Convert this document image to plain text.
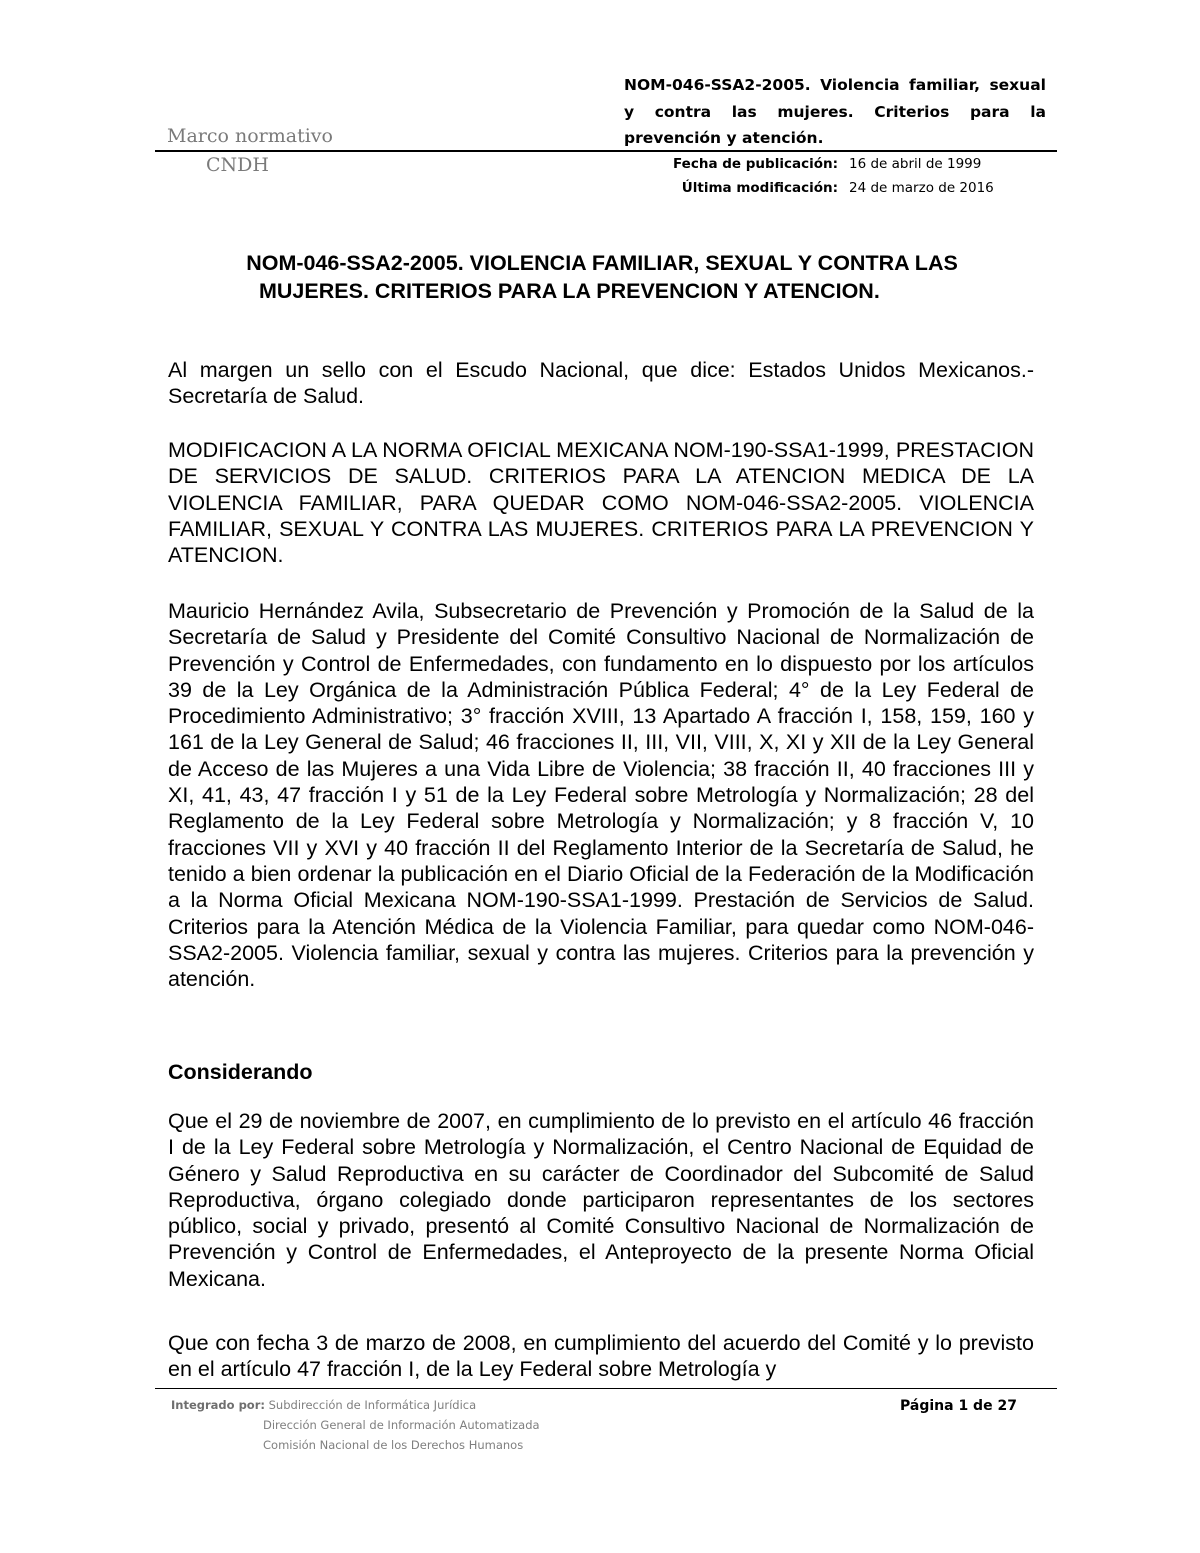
Marco normativo
CNDH
NOM-046-SSA2-2005. Violencia familiar, sexual y contra las mujeres. Criterios para la prevención y atención.
Fecha de publicación:
Última modificación:
16 de abril de 1999
24 de marzo de 2016
NOM-046-SSA2-2005. VIOLENCIA FAMILIAR, SEXUAL Y CONTRA LAS
MUJERES. CRITERIOS PARA LA PREVENCION Y ATENCION.
Al margen un sello con el Escudo Nacional, que dice: Estados Unidos Mexicanos.- Secretaría de Salud.
MODIFICACION A LA NORMA OFICIAL MEXICANA NOM-190-SSA1-1999, PRESTACION DE SERVICIOS DE SALUD. CRITERIOS PARA LA ATENCION MEDICA DE LA VIOLENCIA FAMILIAR, PARA QUEDAR COMO NOM-046-SSA2-2005. VIOLENCIA FAMILIAR, SEXUAL Y CONTRA LAS MUJERES. CRITERIOS PARA LA PREVENCION Y ATENCION.
Mauricio Hernández Avila, Subsecretario de Prevención y Promoción de la Salud de la Secretaría de Salud y Presidente del Comité Consultivo Nacional de Normalización de Prevención y Control de Enfermedades, con fundamento en lo dispuesto por los artículos 39 de la Ley Orgánica de la Administración Pública Federal; 4° de la Ley Federal de Procedimiento Administrativo; 3° fracción XVIII, 13 Apartado A fracción I, 158, 159, 160 y 161 de la Ley General de Salud; 46 fracciones II, III, VII, VIII, X, XI y XII de la Ley General de Acceso de las Mujeres a una Vida Libre de Violencia; 38 fracción II, 40 fracciones III y XI, 41, 43, 47 fracción I y 51 de la Ley Federal sobre Metrología y Normalización; 28 del Reglamento de la Ley Federal sobre Metrología y Normalización; y 8 fracción V, 10 fracciones VII y XVI y 40 fracción II del Reglamento Interior de la Secretaría de Salud, he tenido a bien ordenar la publicación en el Diario Oficial de la Federación de la Modificación a la Norma Oficial Mexicana NOM-190-SSA1-1999. Prestación de Servicios de Salud. Criterios para la Atención Médica de la Violencia Familiar, para quedar como NOM-046-SSA2-2005. Violencia familiar, sexual y contra las mujeres. Criterios para la prevención y atención.
Considerando
Que el 29 de noviembre de 2007, en cumplimiento de lo previsto en el artículo 46 fracción I de la Ley Federal sobre Metrología y Normalización, el Centro Nacional de Equidad de Género y Salud Reproductiva en su carácter de Coordinador del Subcomité de Salud Reproductiva, órgano colegiado donde participaron representantes de los sectores público, social y privado, presentó al Comité Consultivo Nacional de Normalización de Prevención y Control de Enfermedades, el Anteproyecto de la presente Norma Oficial Mexicana.
Que con fecha 3 de marzo de 2008, en cumplimiento del acuerdo del Comité y lo previsto en el artículo 47 fracción I, de la Ley Federal sobre Metrología y
Integrado por: Subdirección de Informática Jurídica
Dirección General de Información Automatizada
Comisión Nacional de los Derechos Humanos
Página 1 de 27
